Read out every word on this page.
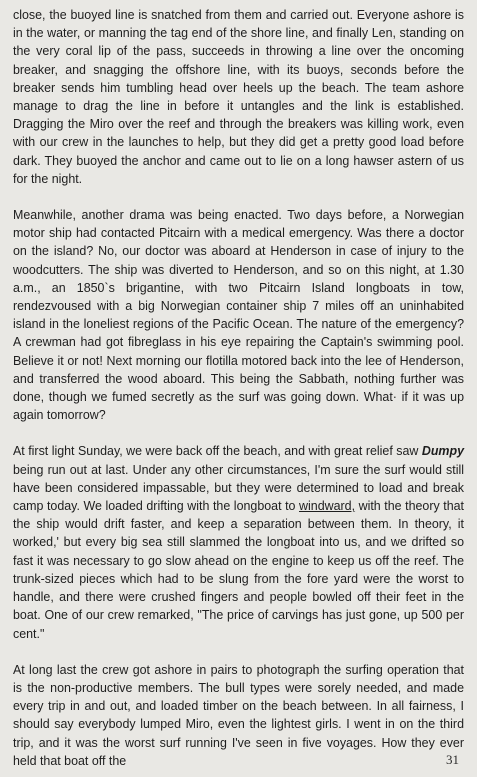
close, the buoyed line is snatched from them and carried out. Everyone ashore is in the water, or manning the tag end of the shore line, and finally Len, standing on the very coral lip of the pass, succeeds in throwing a line over the oncoming breaker, and snagging the offshore line, with its buoys, seconds before the breaker sends him tumbling head over heels up the beach. The team ashore manage to drag the line in before it untangles and the link is established. Dragging the Miro over the reef and through the breakers was killing work, even with our crew in the launches to help, but they did get a pretty good load before dark. They buoyed the anchor and came out to lie on a long hawser astern of us for the night.

Meanwhile, another drama was being enacted. Two days before, a Norwegian motor ship had contacted Pitcairn with a medical emergency. Was there a doctor on the island? No, our doctor was aboard at Henderson in case of injury to the woodcutters. The ship was diverted to Henderson, and so on this night, at 1.30 a.m., an 1850`s brigantine, with two Pitcairn Island longboats in tow, rendezvoused with a big Norwegian container ship 7 miles off an uninhabited island in the loneliest regions of the Pacific Ocean. The nature of the emergency? A crewman had got fibreglass in his eye repairing the Captain's swimming pool. Believe it or not! Next morning our flotilla motored back into the lee of Henderson, and transferred the wood aboard. This being the Sabbath, nothing further was done, though we fumed secretly as the surf was going down. What· if it was up again tomorrow?

At first light Sunday, we were back off the beach, and with great relief saw Dumpy being run out at last. Under any other circumstances, I'm sure the surf would still have been considered impassable, but they were determined to load and break camp today. We loaded drifting with the longboat to windward, with the theory that the ship would drift faster, and keep a separation between them. In theory, it worked,' but every big sea still slammed the longboat into us, and we drifted so fast it was necessary to go slow ahead on the engine to keep us off the reef. The trunk-sized pieces which had to be slung from the fore yard were the worst to handle, and there were crushed fingers and people bowled off their feet in the boat. One of our crew remarked, "The price of carvings has just gone, up 500 per cent."

At long last the crew got ashore in pairs to photograph the surfing operation that is the non-productive members. The bull types were sorely needed, and made every trip in and out, and loaded timber on the beach between. In all fairness, I should say everybody lumped Miro, even the lightest girls. I went in on the third trip, and it was the worst surf running I've seen in five voyages. How they ever held that boat off the	31
